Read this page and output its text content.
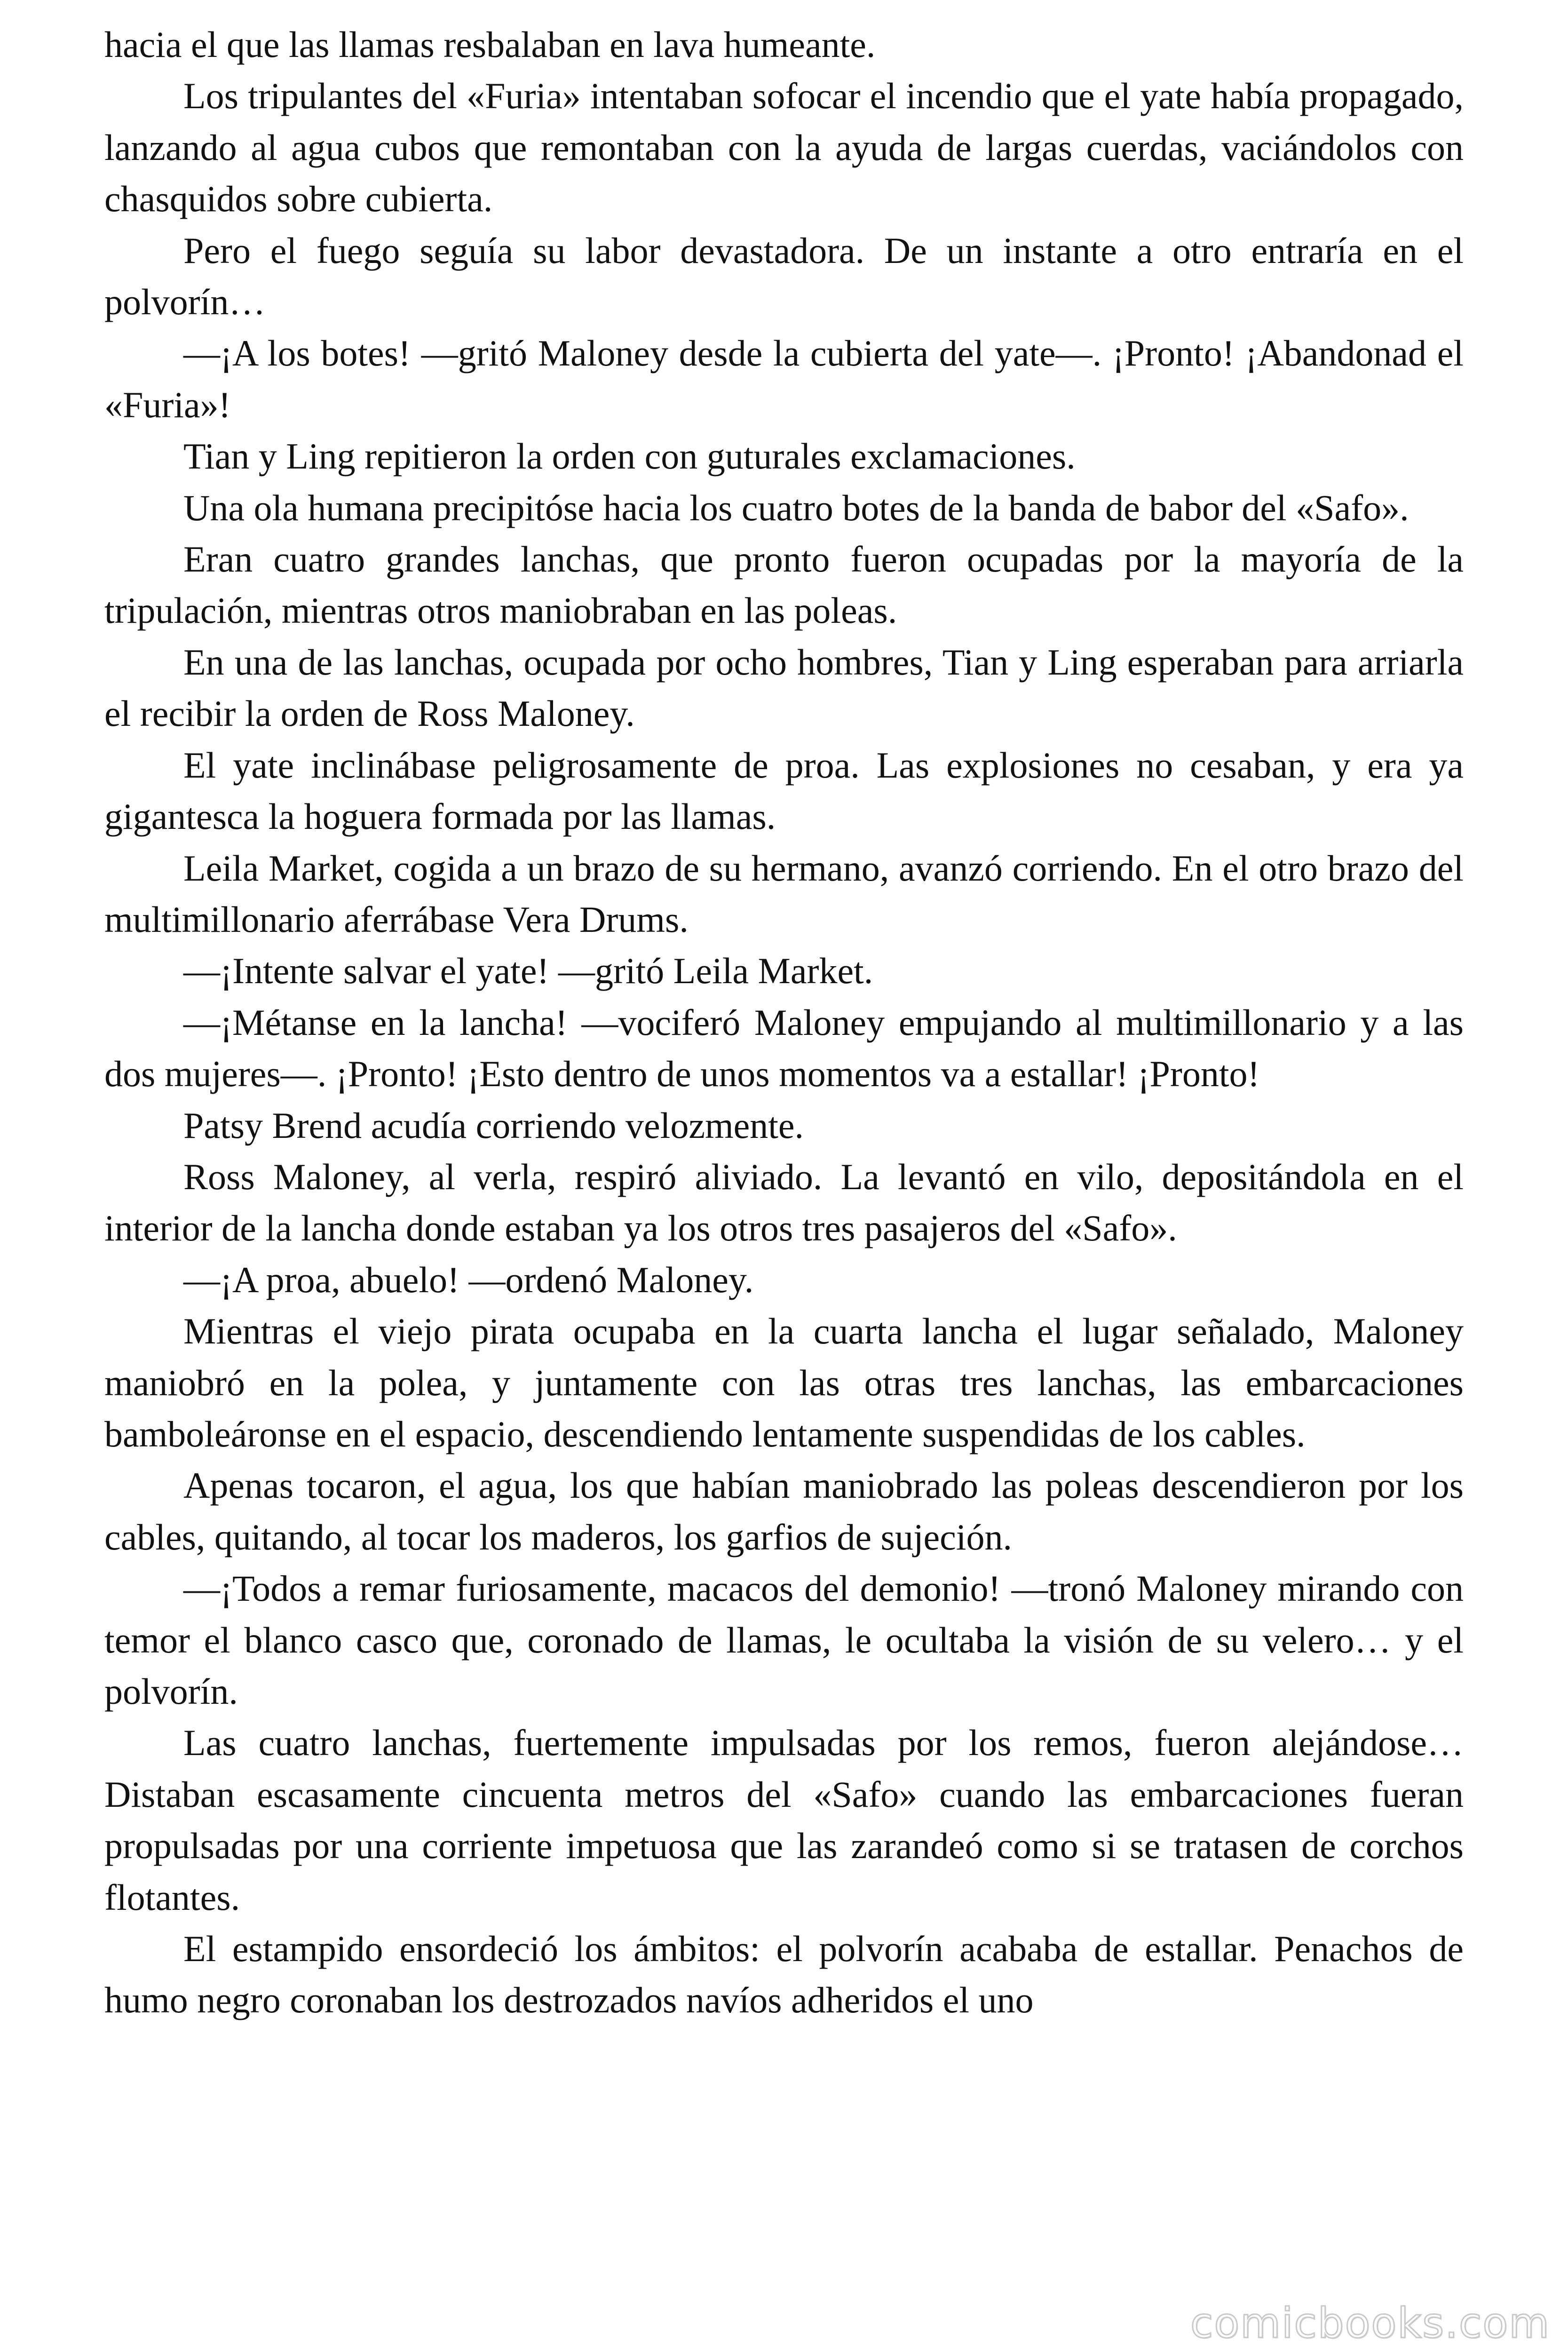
hacia el que las llamas resbalaban en lava humeante.

Los tripulantes del «Furia» intentaban sofocar el incendio que el yate había propagado, lanzando al agua cubos que remontaban con la ayuda de largas cuerdas, vaciándolos con chasquidos sobre cubierta.

Pero el fuego seguía su labor devastadora. De un instante a otro entraría en el polvorín…

—¡A los botes! —gritó Maloney desde la cubierta del yate—. ¡Pronto! ¡Abandonad el «Furia»!

Tian y Ling repitieron la orden con guturales exclamaciones.

Una ola humana precipitóse hacia los cuatro botes de la banda de babor del «Safo».

Eran cuatro grandes lanchas, que pronto fueron ocupadas por la mayoría de la tripulación, mientras otros maniobraban en las poleas.

En una de las lanchas, ocupada por ocho hombres, Tian y Ling esperaban para arriarla el recibir la orden de Ross Maloney.

El yate inclinábase peligrosamente de proa. Las explosiones no cesaban, y era ya gigantesca la hoguera formada por las llamas.

Leila Market, cogida a un brazo de su hermano, avanzó corriendo. En el otro brazo del multimillonario aferrábase Vera Drums.

—¡Intente salvar el yate! —gritó Leila Market.

—¡Métanse en la lancha! —vociferó Maloney empujando al multimillonario y a las dos mujeres—. ¡Pronto! ¡Esto dentro de unos momentos va a estallar! ¡Pronto!

Patsy Brend acudía corriendo velozmente.

Ross Maloney, al verla, respiró aliviado. La levantó en vilo, depositándola en el interior de la lancha donde estaban ya los otros tres pasajeros del «Safo».

—¡A proa, abuelo! —ordenó Maloney.

Mientras el viejo pirata ocupaba en la cuarta lancha el lugar señalado, Maloney maniobró en la polea, y juntamente con las otras tres lanchas, las embarcaciones bamboleáronse en el espacio, descendiendo lentamente suspendidas de los cables.

Apenas tocaron, el agua, los que habían maniobrado las poleas descendieron por los cables, quitando, al tocar los maderos, los garfios de sujeción.

—¡Todos a remar furiosamente, macacos del demonio! —tronó Maloney mirando con temor el blanco casco que, coronado de llamas, le ocultaba la visión de su velero… y el polvorín.

Las cuatro lanchas, fuertemente impulsadas por los remos, fueron alejándose… Distaban escasamente cincuenta metros del «Safo» cuando las embarcaciones fueran propulsadas por una corriente impetuosa que las zarandeó como si se tratasen de corchos flotantes.

El estampido ensordeció los ámbitos: el polvorín acababa de estallar. Penachos de humo negro coronaban los destrozados navíos adheridos el uno

comicbooks.com
